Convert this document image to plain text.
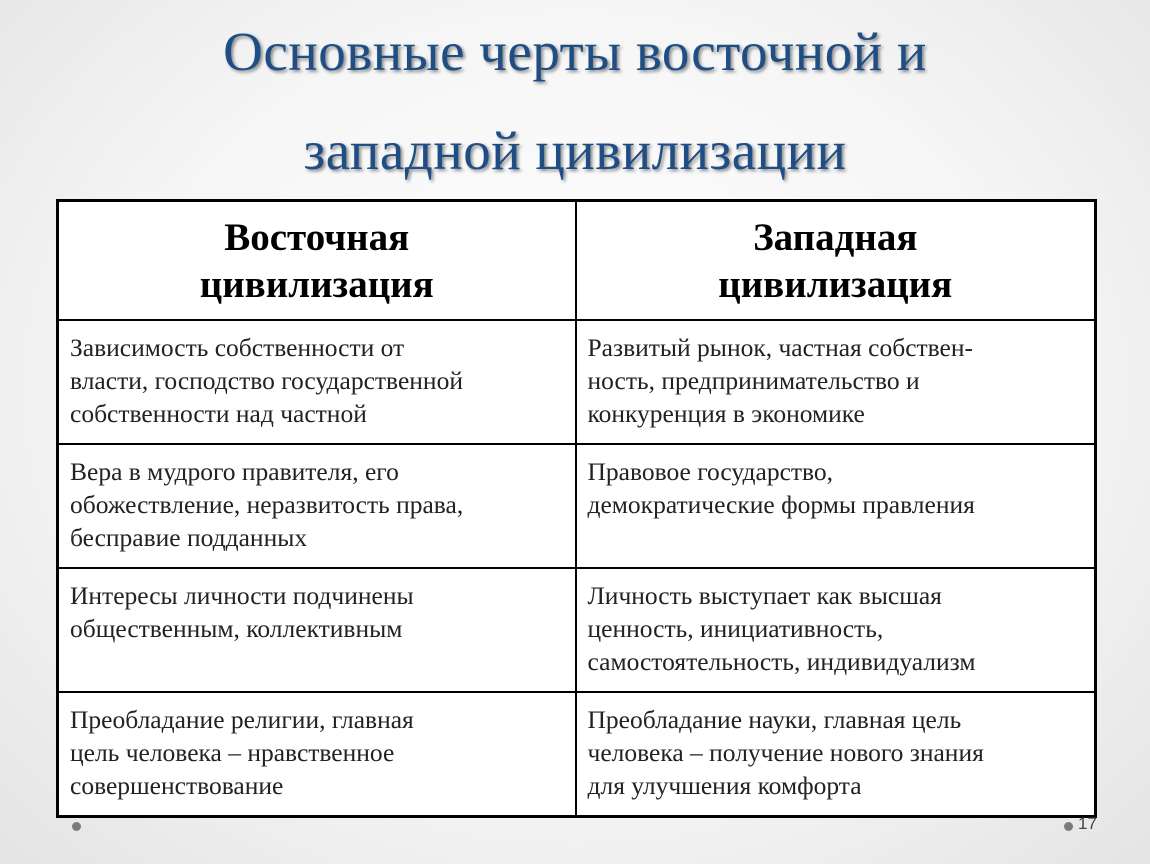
Основные черты восточной и
западной цивилизации
Восточная
цивилизация	Западная
цивилизация

Зависимость собственности от
власти, господство государственной
собственности над частной	Развитый рынок, частная собствен-
ность, предпринимательство и
конкуренция в экономике

Вера в мудрого правителя, его
обожествление, неразвитость права,
бесправие подданных	Правовое государство,
демократические формы правления

Интересы личности подчинены
общественным, коллективным	Личность выступает как высшая
ценность, инициативность,
самостоятельность, индивидуализм

Преобладание религии, главная
цель человека – нравственное
совершенствование	Преобладание науки, главная цель
человека – получение нового знания
для улучшения комфорта
17
